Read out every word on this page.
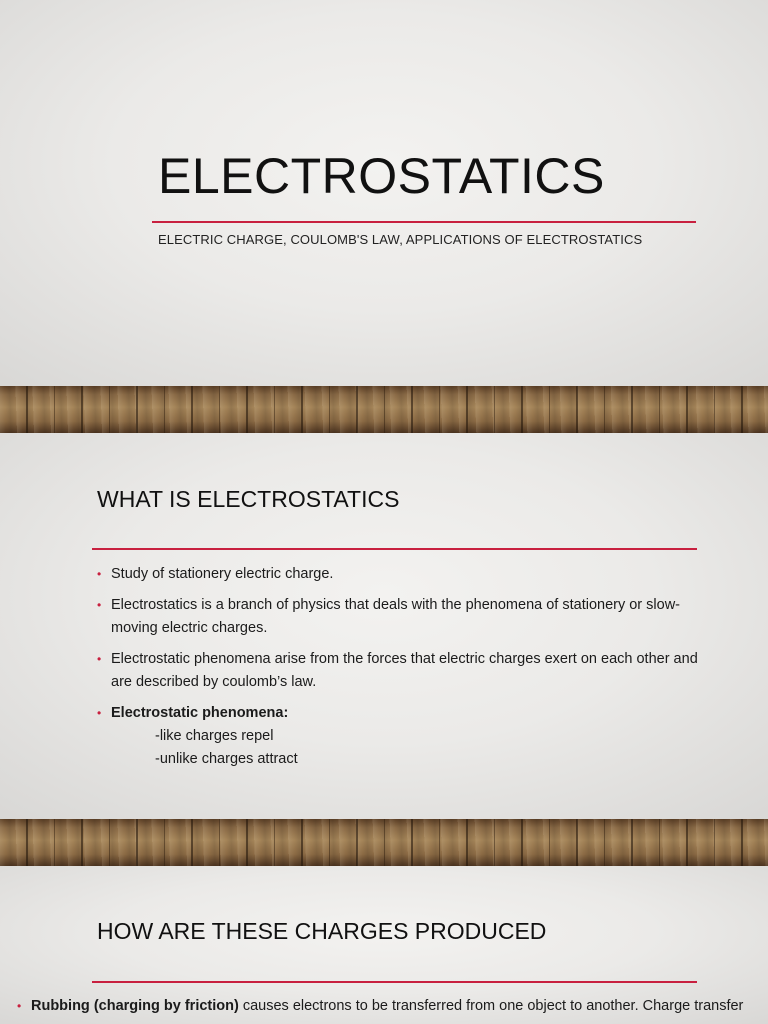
ELECTROSTATICS
ELECTRIC CHARGE, COULOMB'S LAW, APPLICATIONS OF ELECTROSTATICS
WHAT IS ELECTROSTATICS
• Study of stationery electric charge.
• Electrostatics is a branch of physics that deals with the phenomena of stationery or slow-moving electric charges.
• Electrostatic phenomena arise from the forces that electric charges exert on each other and are described by coulomb’s law.
• Electrostatic phenomena:
-like charges repel
-unlike charges attract
HOW ARE THESE CHARGES PRODUCED
• Rubbing (charging by friction) causes electrons to be transferred from one object to another. Charge transfer
